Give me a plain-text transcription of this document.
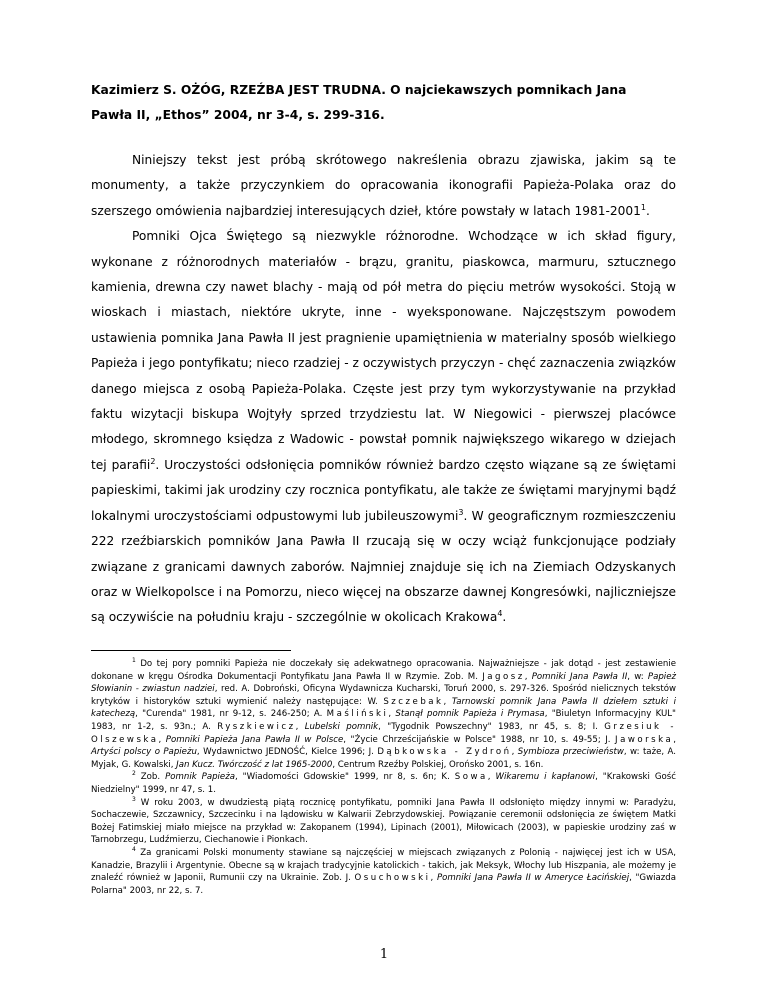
Kazimierz S. OŻÓG, RZEŹBA JEST TRUDNA. O najciekawszych pomnikach Jana
Pawła II, „Ethos” 2004, nr 3-4, s. 299-316.

Niniejszy tekst jest próbą skrótowego nakreślenia obrazu zjawiska, jakim są te monumenty, a także przyczynkiem do opracowania ikonografii Papieża-Polaka oraz do szerszego omówienia najbardziej interesujących dzieł, które powstały w latach 1981-2001$^1$.

Pomniki Ojca Świętego są niezwykle różnorodne. Wchodzące w ich skład figury, wykonane z różnorodnych materiałów - brązu, granitu, piaskowca, marmuru, sztucznego kamienia, drewna czy nawet blachy - mają od pół metra do pięciu metrów wysokości. Stoją w wioskach i miastach, niektóre ukryte, inne - wyeksponowane. Najczęstszym powodem ustawienia pomnika Jana Pawła II jest pragnienie upamiętnienia w materialny sposób wielkiego Papieża i jego pontyfikatu; nieco rzadziej - z oczywistych przyczyn - chęć zaznaczenia związków danego miejsca z osobą Papieża-Polaka. Częste jest przy tym wykorzystywanie na przykład faktu wizytacji biskupa Wojtyły sprzed trzydziestu lat. W Niegowici - pierwszej placówce młodego, skromnego księdza z Wadowic - powstał pomnik największego wikarego w dziejach tej parafii$^2$. Uroczystości odsłonięcia pomników również bardzo często wiązane są ze świętami papieskimi, takimi jak urodziny czy rocznica pontyfikatu, ale także ze świętami maryjnymi bądź lokalnymi uroczystościami odpustowymi lub jubileuszowymi$^3$. W geograficznym rozmieszczeniu 222 rzeźbiarskich pomników Jana Pawła II rzucają się w oczy wciąż funkcjonujące podziały związane z granicami dawnych zaborów. Najmniej znajduje się ich na Ziemiach Odzyskanych oraz w Wielkopolsce i na Pomorzu, nieco więcej na obszarze dawnej Kongresówki, najliczniejsze są oczywiście na południu kraju - szczególnie w okolicach Krakowa$^4$.

$^1$ Do tej pory pomniki Papieża nie doczekały się adekwatnego opracowania. Najważniejsze - jak dotąd - jest zestawienie dokonane w kręgu Ośrodka Dokumentacji Pontyfikatu Jana Pawła II w Rzymie. Zob. M. Jagosz, Pomniki Jana Pawła II, w: Papież Słowianin - zwiastun nadziei, red. A. Dobroński, Oficyna Wydawnicza Kucharski, Toruń 2000, s. 297-326. Spośród nielicznych tekstów krytyków i historyków sztuki wymienić należy następujące: W. Szczebak, Tarnowski pomnik Jana Pawła II dziełem sztuki i katechezą, "Curenda" 1981, nr 9-12, s. 246-250; A. Maśliński, Stanął pomnik Papieża i Prymasa, "Biuletyn Informacyjny KUL" 1983, nr 1-2, s. 93n.; A. Ryszkiewicz, Lubelski pomnik, "Tygodnik Powszechny" 1983, nr 45, s. 8; I. Grzesiuk - Olszewska, Pomniki Papieża Jana Pawła II w Polsce, "Życie Chrześcijańskie w Polsce" 1988, nr 10, s. 49-55; J. Jaworska, Artyści polscy o Papieżu, Wydawnictwo JEDNOŚĆ, Kielce 1996; J. Dąbkowska - Zydroń, Symbioza przeciwieństw, w: taże, A. Myjak, G. Kowalski, Jan Kucz. Twórczość z lat 1965-2000, Centrum Rzeźby Polskiej, Orońsko 2001, s. 16n.

$^2$ Zob. Pomnik Papieża, "Wiadomości Gdowskie" 1999, nr 8, s. 6n; K. Sowa, Wikaremu i kapłanowi, "Krakowski Gość Niedzielny" 1999, nr 47, s. 1.

$^3$ W roku 2003, w dwudziestą piątą rocznicę pontyfikatu, pomniki Jana Pawła II odsłonięto między innymi w: Paradyżu, Sochaczewie, Szczawnicy, Szczecinku i na lądowisku w Kalwarii Zebrzydowskiej. Powiązanie ceremonii odsłonięcia ze świętem Matki Bożej Fatimskiej miało miejsce na przykład w: Zakopanem (1994), Lipinach (2001), Miłowicach (2003), w papieskie urodziny zaś w Tarnobrzegu, Ludźmierzu, Ciechanowie i Pionkach.

$^4$ Za granicami Polski monumenty stawiane są najczęściej w miejscach związanych z Polonią - najwięcej jest ich w USA, Kanadzie, Brazylii i Argentynie. Obecne są w krajach tradycyjnie katolickich - takich, jak Meksyk, Włochy lub Hiszpania, ale możemy je znaleźć również w Japonii, Rumunii czy na Ukrainie. Zob. J. Osuchowski, Pomniki Jana Pawła II w Ameryce Łacińskiej, "Gwiazda Polarna" 2003, nr 22, s. 7.

1
